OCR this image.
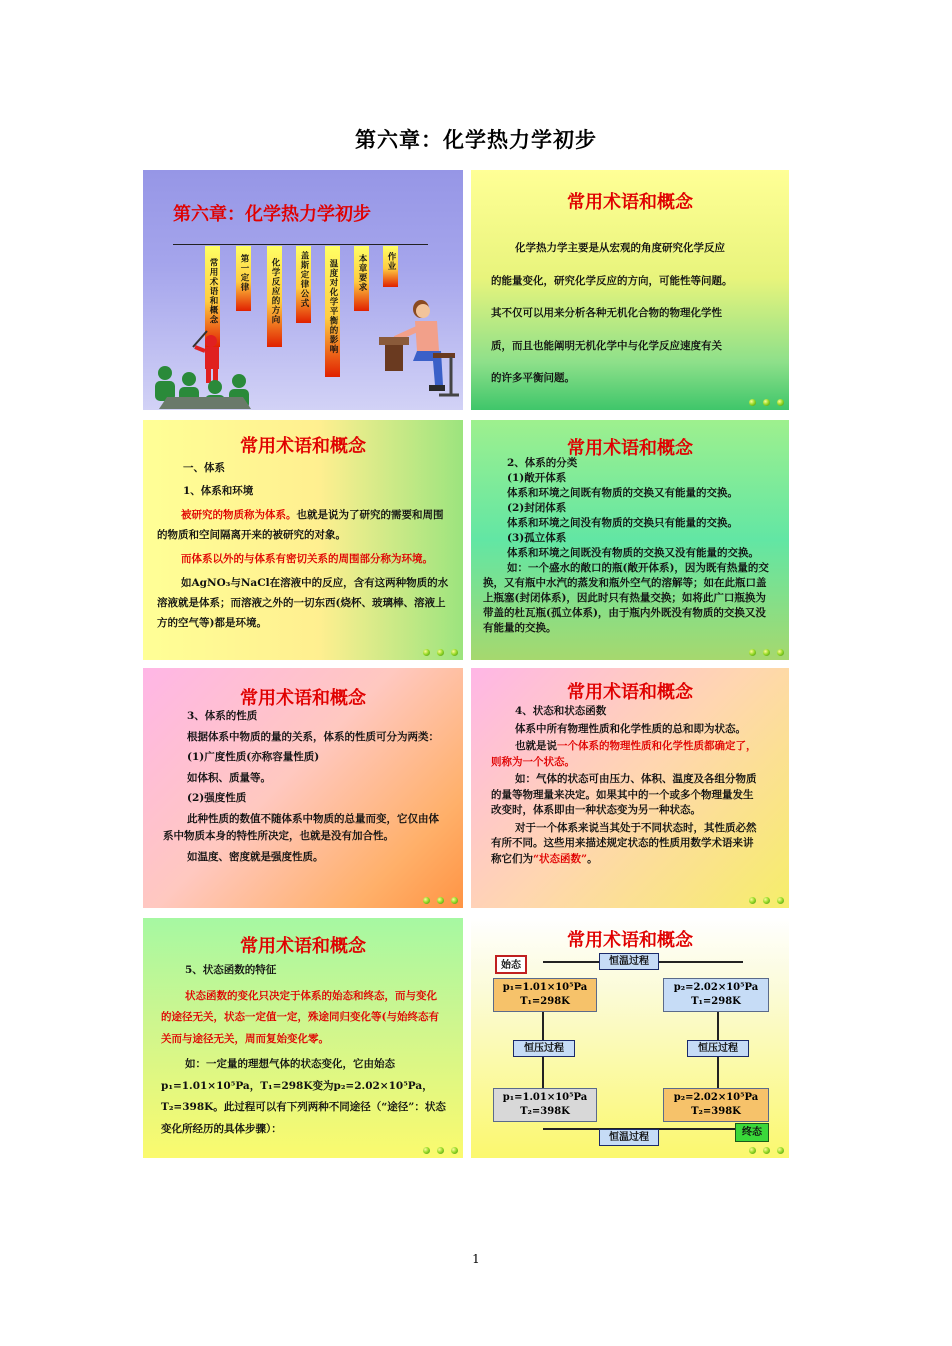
第六章：化学热力学初步
第六章：化学热力学初步
常用术语和概念	第一定律	化学反应的方向	盖斯定律公式	温度对化学平衡的影响	本章要求	作业
常用术语和概念

化学热力学主要是从宏观的角度研究化学反应

的能量变化，研究化学反应的方向，可能性等问题。

其不仅可以用来分析各种无机化合物的物理化学性

质，而且也能阐明无机化学中与化学反应速度有关

的许多平衡问题。

常用术语和概念

一、体系

1、体系和环境

被研究的物质称为体系。也就是说为了研究的需要和周围的物质和空间隔离开来的被研究的对象。

而体系以外的与体系有密切关系的周围部分称为环境。

如AgNO₃与NaCl在溶液中的反应，含有这两种物质的水溶液就是体系；而溶液之外的一切东西(烧杯、玻璃棒、溶液上方的空气等)都是环境。

常用术语和概念

2、体系的分类

(1)敞开体系

体系和环境之间既有物质的交换又有能量的交换。

(2)封闭体系

体系和环境之间没有物质的交换只有能量的交换。

(3)孤立体系

体系和环境之间既没有物质的交换又没有能量的交换。

如：一个盛水的敞口的瓶(敞开体系)，因为既有热量的交换，又有瓶中水汽的蒸发和瓶外空气的溶解等；如在此瓶口盖上瓶塞(封闭体系)，因此时只有热量交换；如将此广口瓶换为带盖的杜瓦瓶(孤立体系)，由于瓶内外既没有物质的交换又没有能量的交换。

常用术语和概念

3、体系的性质

根据体系中物质的量的关系，体系的性质可分为两类：

(1)广度性质(亦称容量性质)

如体积、质量等。

(2)强度性质

此种性质的数值不随体系中物质的总量而变，它仅由体系中物质本身的特性所决定，也就是没有加合性。

如温度、密度就是强度性质。

常用术语和概念

4、状态和状态函数

体系中所有物理性质和化学性质的总和即为状态。

也就是说一个体系的物理性质和化学性质都确定了，则称为一个状态。

如：气体的状态可由压力、体积、温度及各组分物质的量等物理量来决定。如果其中的一个或多个物理量发生改变时，体系即由一种状态变为另一种状态。

对于一个体系来说当其处于不同状态时，其性质必然有所不同。这些用来描述规定状态的性质用数学术语来讲称它们为“状态函数”。

常用术语和概念

5、状态函数的特征

状态函数的变化只决定于体系的始态和终态，而与变化的途径无关，状态一定值一定，殊途同归变化等(与始终态有关而与途径无关，周而复始变化零。

如：一定量的理想气体的状态变化，它由始态

p₁=1.01×10⁵Pa，T₁=298K变为p₂=2.02×10⁵Pa，

T₂=398K。此过程可以有下列两种不同途径（“途径”：状态变化所经历的具体步骤）：

常用术语和概念
始态
终态
恒温过程
恒温过程
恒压过程	恒压过程
p₁=1.01×10⁵Pa
T₁=298K
p₂=2.02×10⁵Pa
T₁=298K
p₁=1.01×10⁵Pa
T₂=398K
p₂=2.02×10⁵Pa
T₂=398K
1
